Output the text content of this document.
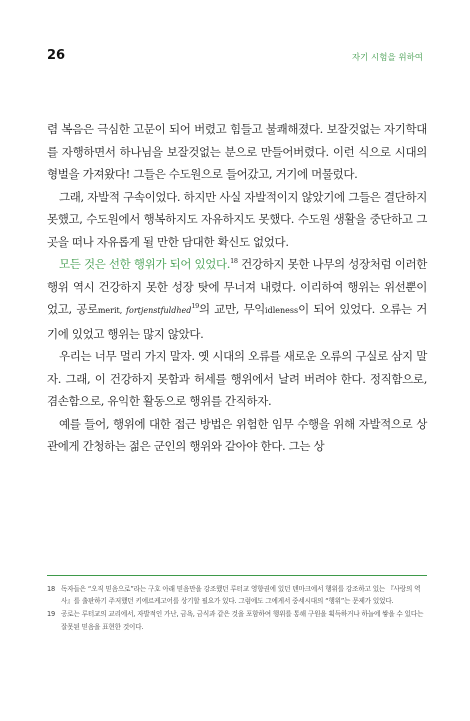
26	자기 시험을 위하여

렴 복음은 극심한 고문이 되어 버렸고 힘들고 불쾌해졌다. 보잘것없는 자기학대를 자행하면서 하나님을 보잘것없는 분으로 만들어버렸다. 이런 식으로 시대의 형벌을 가져왔다! 그들은 수도원으로 들어갔고, 거기에 머물렀다.

그래, 자발적 구속이었다. 하지만 사실 자발적이지 않았기에 그들은 결단하지 못했고, 수도원에서 행복하지도 자유하지도 못했다. 수도원 생활을 중단하고 그곳을 떠나 자유롭게 될 만한 담대한 확신도 없었다.

모든 것은 선한 행위가 되어 있었다.$^{18}$ 건강하지 못한 나무의 성장처럼 이러한 행위 역시 건강하지 못한 성장 탓에 무너져 내렸다. 이리하여 행위는 위선뿐이었고, 공로merit, fortjenstfuldhed$^{19}$의 교만, 무익idleness이 되어 있었다. 오류는 거기에 있었고 행위는 많지 않았다.

우리는 너무 멀리 가지 말자. 옛 시대의 오류를 새로운 오류의 구실로 삼지 말자. 그래, 이 건강하지 못함과 허세를 행위에서 날려 버려야 한다. 정직함으로, 겸손함으로, 유익한 활동으로 행위를 간직하자.

예를 들어, 행위에 대한 접근 방법은 위험한 임무 수행을 위해 자발적으로 상관에게 간청하는 젊은 군인의 행위와 같아야 한다. 그는 상

18 독자들은 “오직 믿음으로”라는 구호 아래 믿음만을 강조했던 루터교 영향권에 있던 덴마크에서 행위를 강조하고 있는 『사랑의 역사』를 출판하기 주저했던 키에르케고어를 상기할 필요가 있다. 그럼에도 그에게서 중세시대의 “행위”는 문제가 있었다.
19 공로는 루터교의 교리에서, 자발적인 가난, 금욕, 금식과 같은 것을 포함하여 행위를 통해 구원을 획득하거나 하늘에 쌓을 수 있다는 잘못된 믿음을 표현한 것이다.
